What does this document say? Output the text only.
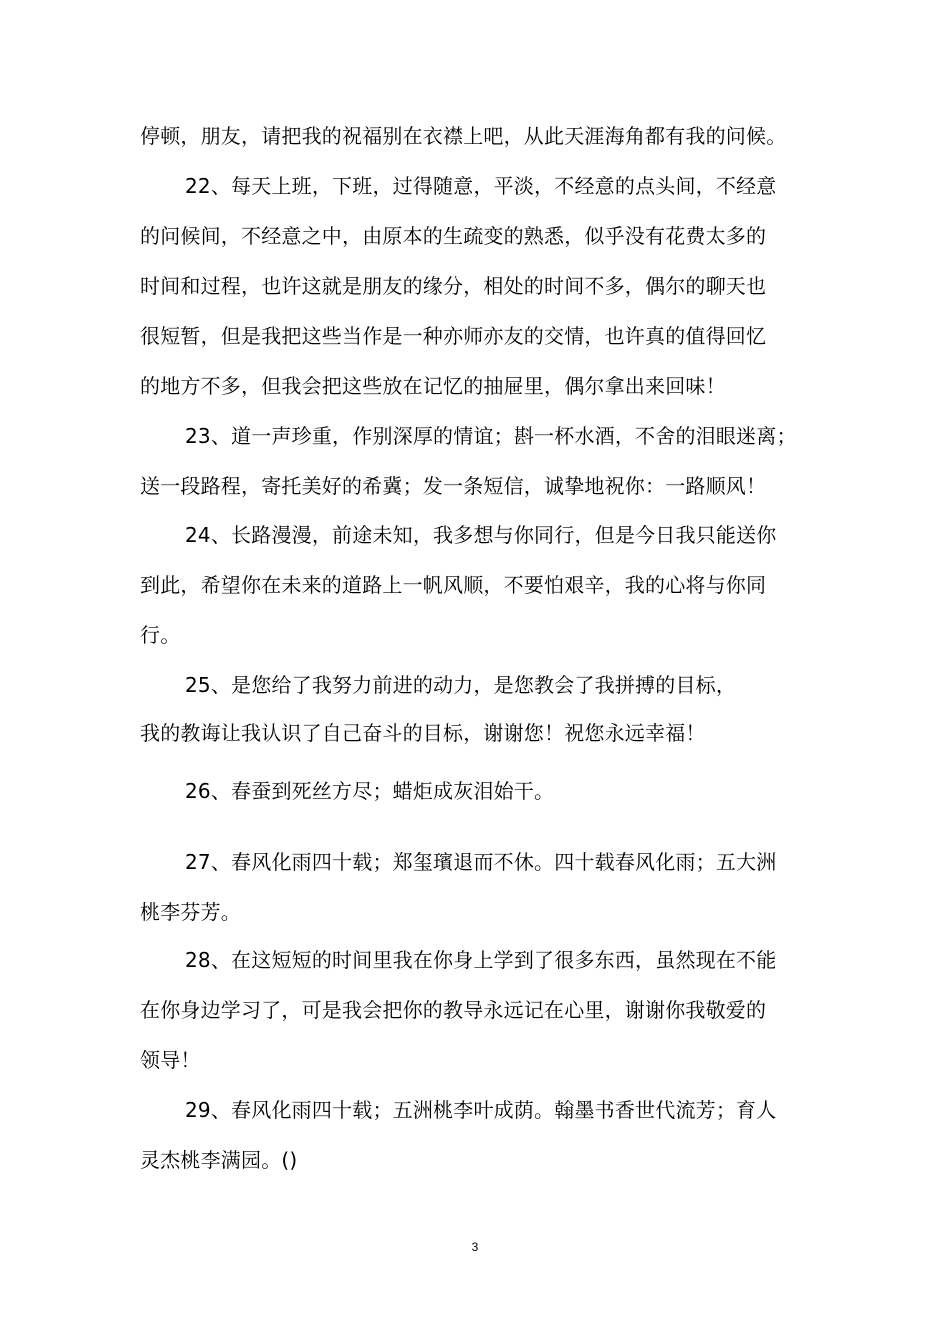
停顿，朋友，请把我的祝福别在衣襟上吧，从此天涯海角都有我的问候。
22、每天上班，下班，过得随意，平淡，不经意的点头间，不经意
的问候间，不经意之中，由原本的生疏变的熟悉，似乎没有花费太多的
时间和过程，也许这就是朋友的缘分，相处的时间不多，偶尔的聊天也
很短暂，但是我把这些当作是一种亦师亦友的交情，也许真的值得回忆
的地方不多，但我会把这些放在记忆的抽屉里，偶尔拿出来回味！
23、道一声珍重，作别深厚的情谊；斟一杯水酒，不舍的泪眼迷离；
送一段路程，寄托美好的希冀；发一条短信，诚挚地祝你：一路顺风！
24、长路漫漫，前途未知，我多想与你同行，但是今日我只能送你
到此，希望你在未来的道路上一帆风顺，不要怕艰辛，我的心将与你同
行。
25、是您给了我努力前进的动力，是您教会了我拼搏的目标，
我的教诲让我认识了自己奋斗的目标，谢谢您！祝您永远幸福！
26、春蚕到死丝方尽；蜡炬成灰泪始干。
27、春风化雨四十载；郑玺璸退而不休。四十载春风化雨；五大洲
桃李芬芳。
28、在这短短的时间里我在你身上学到了很多东西，虽然现在不能
在你身边学习了，可是我会把你的教导永远记在心里，谢谢你我敬爱的
领导！
29、春风化雨四十载；五洲桃李叶成荫。翰墨书香世代流芳；育人
灵杰桃李满园。()
3
